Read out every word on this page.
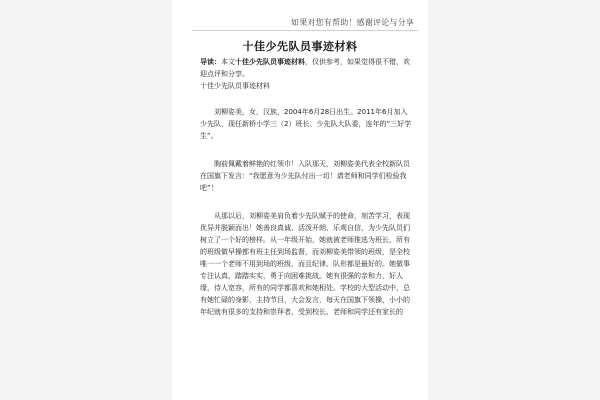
如果对您有帮助！感谢评论与分享
十佳少先队员事迹材料

导读：本文十佳少先队员事迹材料，仅供参考，如果觉得很不错，欢迎点评和分享。

十佳少先队员事迹材料

刘柳姿美，女，汉族，2004年6月28日出生。2011年6月加入少先队，现任新桥小学三（2）班长、少先队大队委，连年的“三好学生”。

胸前佩戴着鲜艳的红领巾！入队那天，刘柳姿美代表全校新队员在国旗下发言：“我愿意为少先队付出一切！请老师和同学们检验我吧”！

从那以后，刘柳姿美肩负着少先队赋予的使命，刻苦学习，表现优异并脱颖而出！她善良真诚、活泼开朗、乐观自信，为少先队员们树立了一个好的榜样。从一年级开始，她就被老师推选为班长，所有的班级做早操都有班主任到场监督，而刘柳姿美带领的班级，是全校唯一一个老师不用到场的班级，而且纪律、队形都是最好的。她做事专注认真，踏踏实实，勇于向困难挑战。她有很强的亲和力，好人缘，待人宽容，所有的同学都喜欢和她相处。学校的大型活动中，总有她忙碌的身影，主持节目，大会发言，每天在国旗下领操，小小的年纪就有很多的支持和崇拜者，受到校长、老师和同学还有家长的
